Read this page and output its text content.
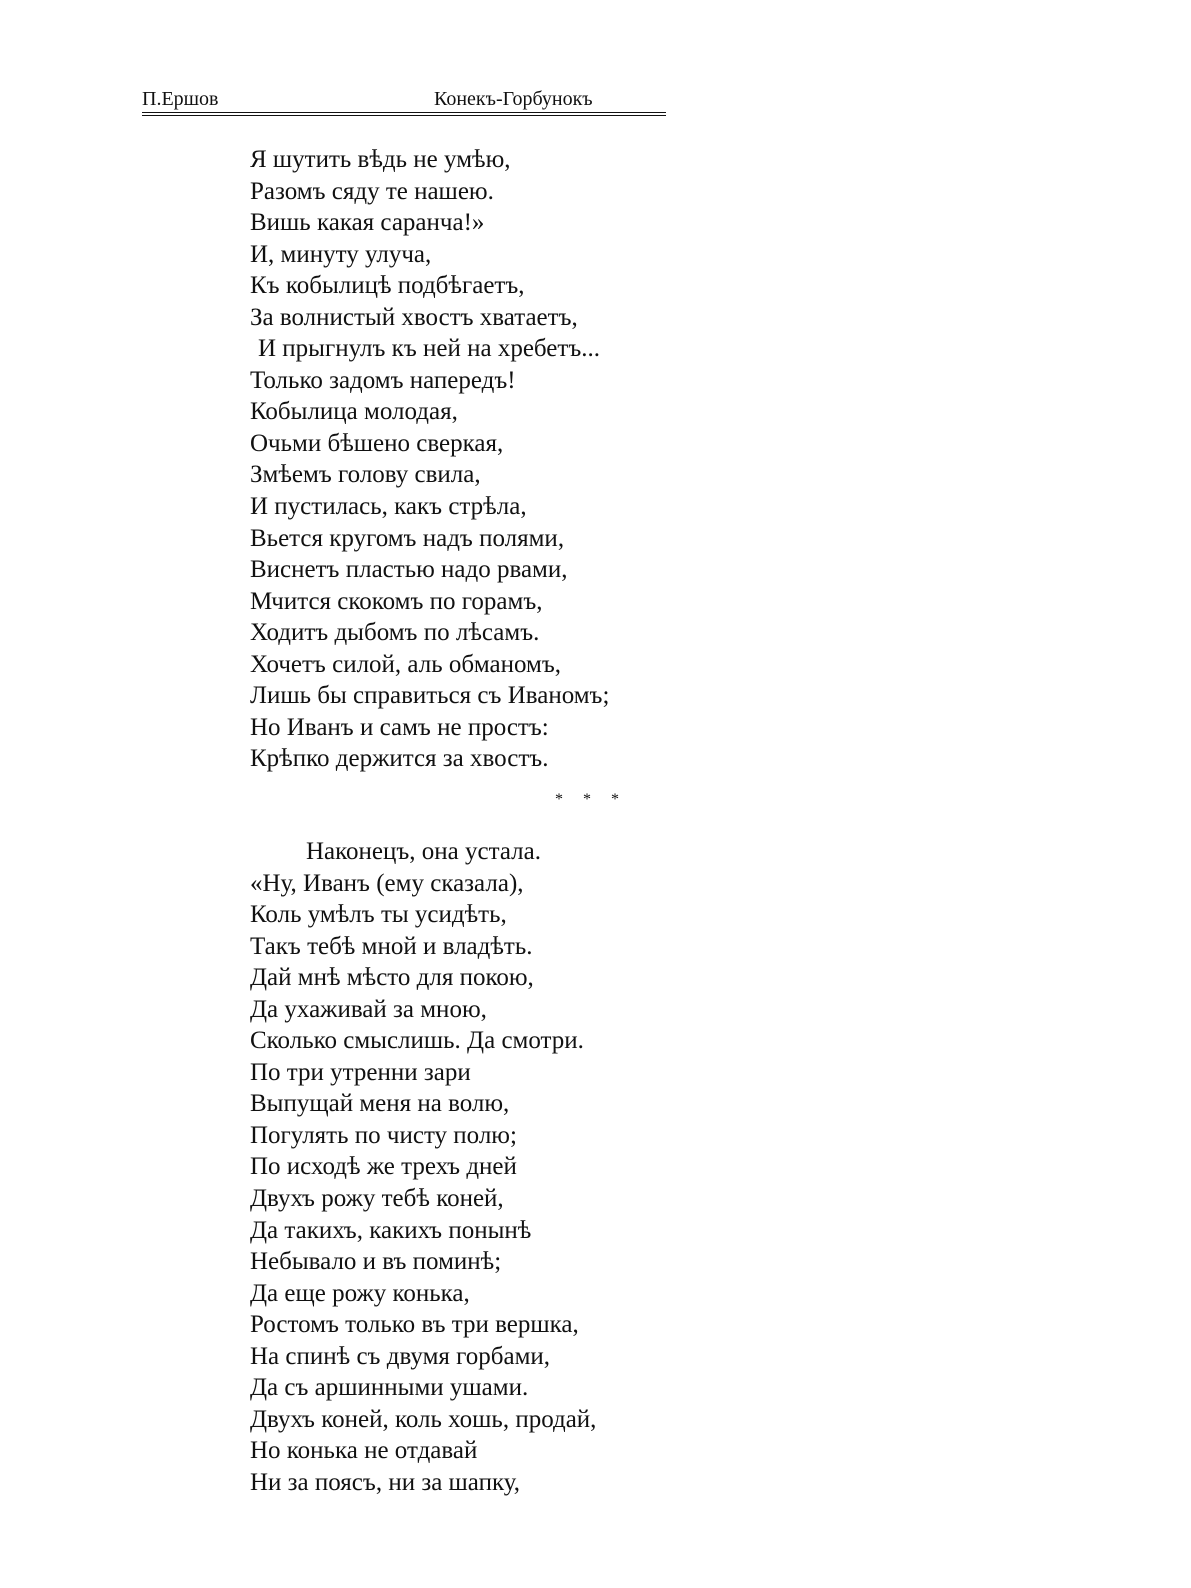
П.Ершов	Конекъ-Горбунокъ
Я шутить вѣдь не умѣю,
Разомъ сяду те нашею.
Вишь какая саранча!»
И, минуту улуча,
Къ кобылицѣ подбѣгаетъ,
За волнистый хвостъ хватаетъ,
И прыгнулъ къ ней на хребетъ...
Только задомъ напередъ!
Кобылица молодая,
Очьми бѣшено сверкая,
Змѣемъ голову свила,
И пустилась, какъ стрѣла,
Вьется кругомъ надъ полями,
Виснетъ пластью надо рвами,
Мчится скокомъ по горамъ,
Ходитъ дыбомъ по лѣсамъ.
Хочетъ силой, аль обманомъ,
Лишь бы справиться съ Иваномъ;
Но Иванъ и самъ не простъ:
Крѣпко держится за хвостъ.
* * *
Наконецъ, она устала.
«Ну, Иванъ (ему сказала),
Коль умѣлъ ты усидѣть,
Такъ тебѣ мной и владѣть.
Дай мнѣ мѣсто для покою,
Да ухаживай за мною,
Сколько смыслишь. Да смотри.
По три утренни зари
Выпущай меня на волю,
Погулять по чисту полю;
По исходѣ же трехъ дней
Двухъ рожу тебѣ коней,
Да такихъ, какихъ понынѣ
Небывало и въ поминѣ;
Да еще рожу конька,
Ростомъ только въ три вершка,
На спинѣ съ двумя горбами,
Да съ аршинными ушами.
Двухъ коней, коль хошь, продай,
Но конька не отдавай
Ни за поясъ, ни за шапку,
